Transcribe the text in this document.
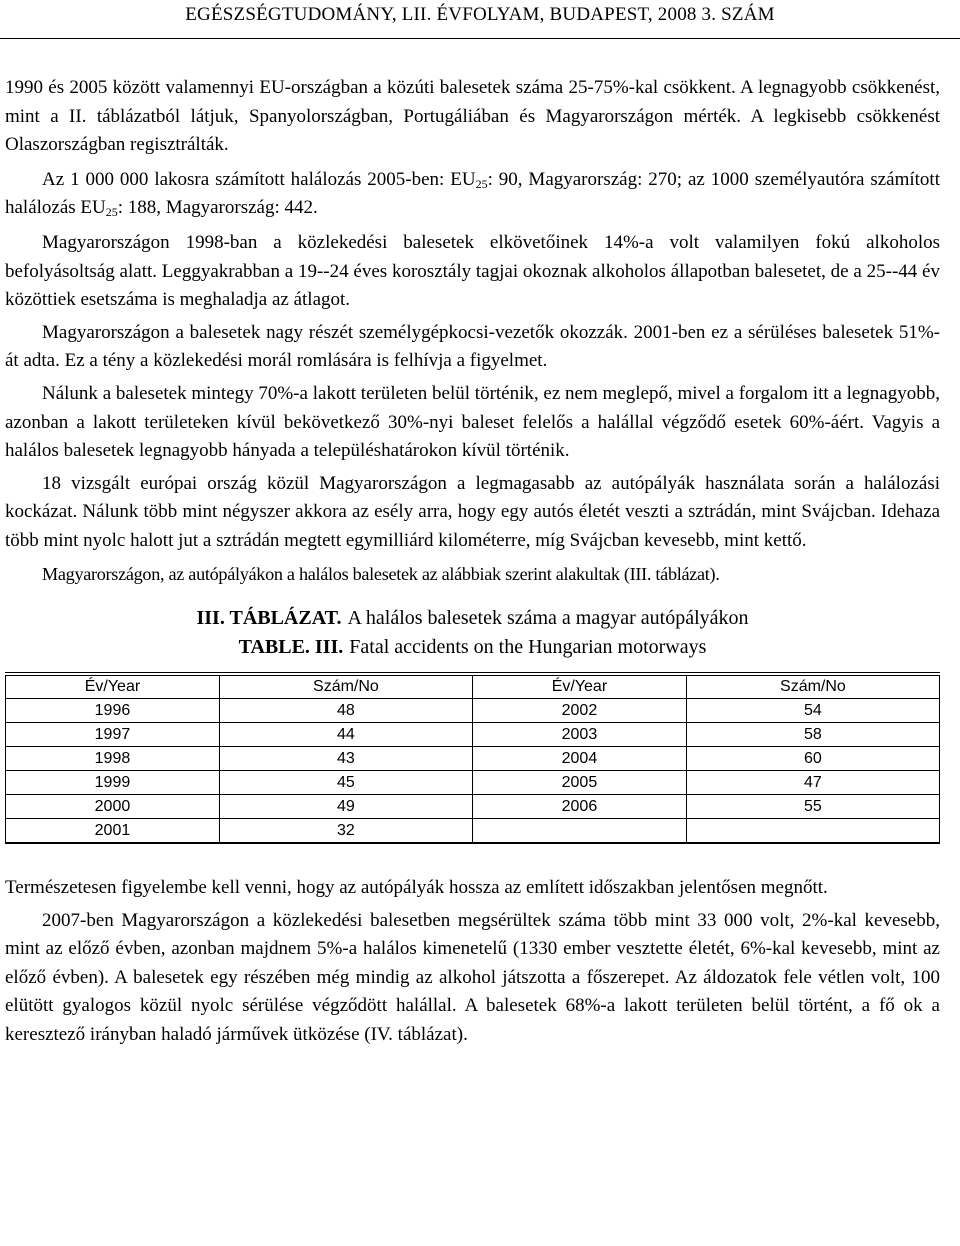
EGÉSZSÉGTUDOMÁNY, LII. ÉVFOLYAM, BUDAPEST, 2008 3. SZÁM

1990 és 2005 között valamennyi EU-országban a közúti balesetek száma 25-75%-kal csökkent. A legnagyobb csökkenést, mint a II. táblázatból látjuk, Spanyolországban, Portugáliában és Magyarországon mérték. A legkisebb csökkenést Olaszországban regisztrálták.

Az 1 000 000 lakosra számított halálozás 2005-ben: $EU_{25}$: 90, Magyarország: 270; az 1000 személyautóra számított halálozás $EU_{25}$: 188, Magyarország: 442.

Magyarországon 1998-ban a közlekedési balesetek elkövetőinek 14%-a volt valamilyen fokú alkoholos befolyásoltság alatt. Leggyakrabban a 19--24 éves korosztály tagjai okoznak alkoholos állapotban balesetet, de a 25--44 év közöttiek esetszáma is meghaladja az átlagot.

Magyarországon a balesetek nagy részét személygépkocsi-vezetők okozzák. 2001-ben ez a sérüléses balesetek 51%-át adta. Ez a tény a közlekedési morál romlására is felhívja a figyelmet.

Nálunk a balesetek mintegy 70%-a lakott területen belül történik, ez nem meglepő, mivel a forgalom itt a legnagyobb, azonban a lakott területeken kívül bekövetkező 30%-nyi baleset felelős a halállal végződő esetek 60%-áért. Vagyis a halálos balesetek legnagyobb hányada a településhatárokon kívül történik.

18 vizsgált európai ország közül Magyarországon a legmagasabb az autópályák használata során a halálozási kockázat. Nálunk több mint négyszer akkora az esély arra, hogy egy autós életét veszti a sztrádán, mint Svájcban. Idehaza több mint nyolc halott jut a sztrádán megtett egymilliárd kilométerre, míg Svájcban kevesebb, mint kettő.

Magyarországon, az autópályákon a halálos balesetek az alábbiak szerint alakultak (III. táblázat).

III. TÁBLÁZAT. A halálos balesetek száma a magyar autópályákon
TABLE. III. Fatal accidents on the Hungarian motorways
Év/Year	Szám/No	Év/Year	Szám/No
1996	48	2002	54
1997	44	2003	58
1998	43	2004	60
1999	45	2005	47
2000	49	2006	55
2001	32		

Természetesen figyelembe kell venni, hogy az autópályák hossza az említett időszakban jelentősen megnőtt.

2007-ben Magyarországon a közlekedési balesetben megsérültek száma több mint 33 000 volt, 2%-kal kevesebb, mint az előző évben, azonban majdnem 5%-a halálos kimenetelű (1330 ember vesztette életét, 6%-kal kevesebb, mint az előző évben). A balesetek egy részében még mindig az alkohol játszotta a főszerepet. Az áldozatok fele vétlen volt, 100 elütött gyalogos közül nyolc sérülése végződött halállal. A balesetek 68%-a lakott területen belül történt, a fő ok a keresztező irányban haladó járművek ütközése (IV. táblázat).
